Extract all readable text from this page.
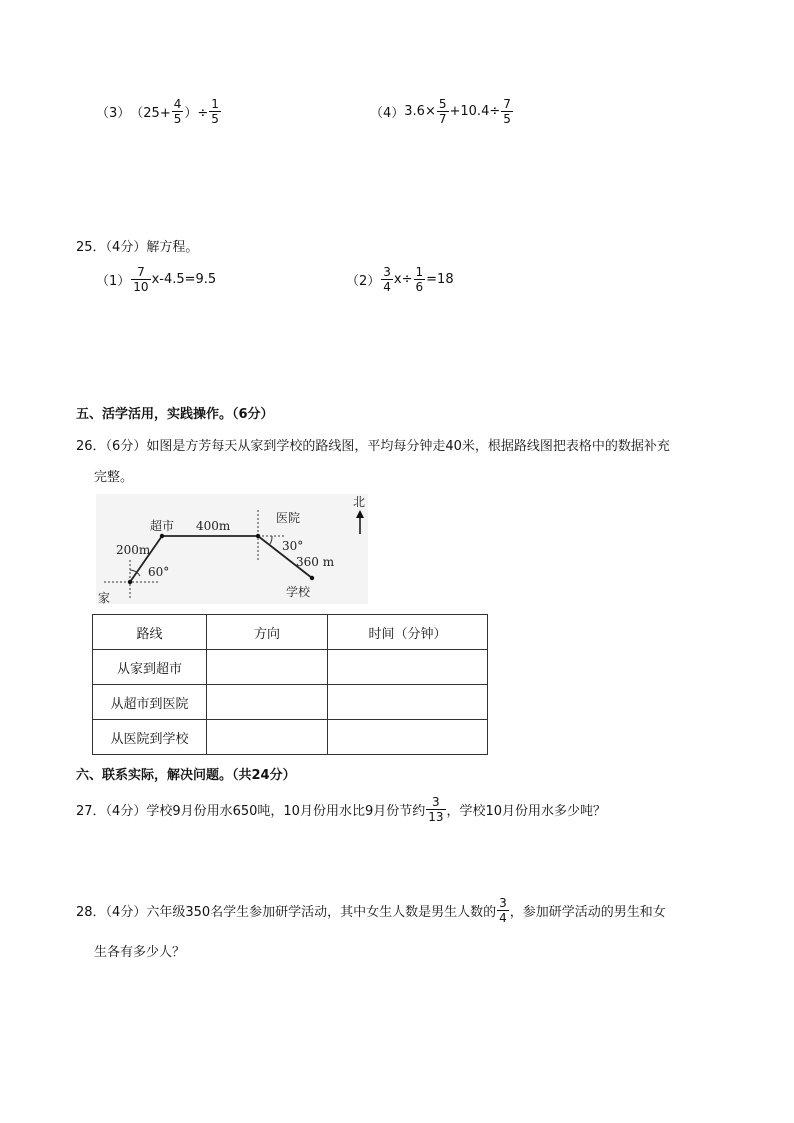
（3） （$25+ \frac{4}{5}$ ）÷ $\frac{1}{5}$	（4） $3.6\times \frac{5}{7} +10.4\div \frac{7}{5}$
25．（4分）解方程。
$(1) \frac{7}{10} x-4.5=9.5$	$(2) \frac{3}{4} x\div \frac{1}{6} =18$
五、活学活用，实践操作。（6分）
26．（6分）如图是方芳每天从家到学校的路线图，平均每分钟走40米，根据路线图把表格中的数据补充
完整。
超市 400m
医院
30°
360 m
学校
200m
60°
家
北
路线	方向	时间（分钟）
从家到超市		
从超市到医院		
从医院到学校		
六、联系实际，解决问题。（共24分）
27．（4分）学校9月份用水650吨，10月份用水比9月份节约 $\frac{3}{13}$ ，学校10月份用水多少吨？
28．（4分）六年级350名学生参加研学活动，其中女生人数是男生人数的 $\frac{3}{4}$ ，参加研学活动的男生和女
生各有多少人？
